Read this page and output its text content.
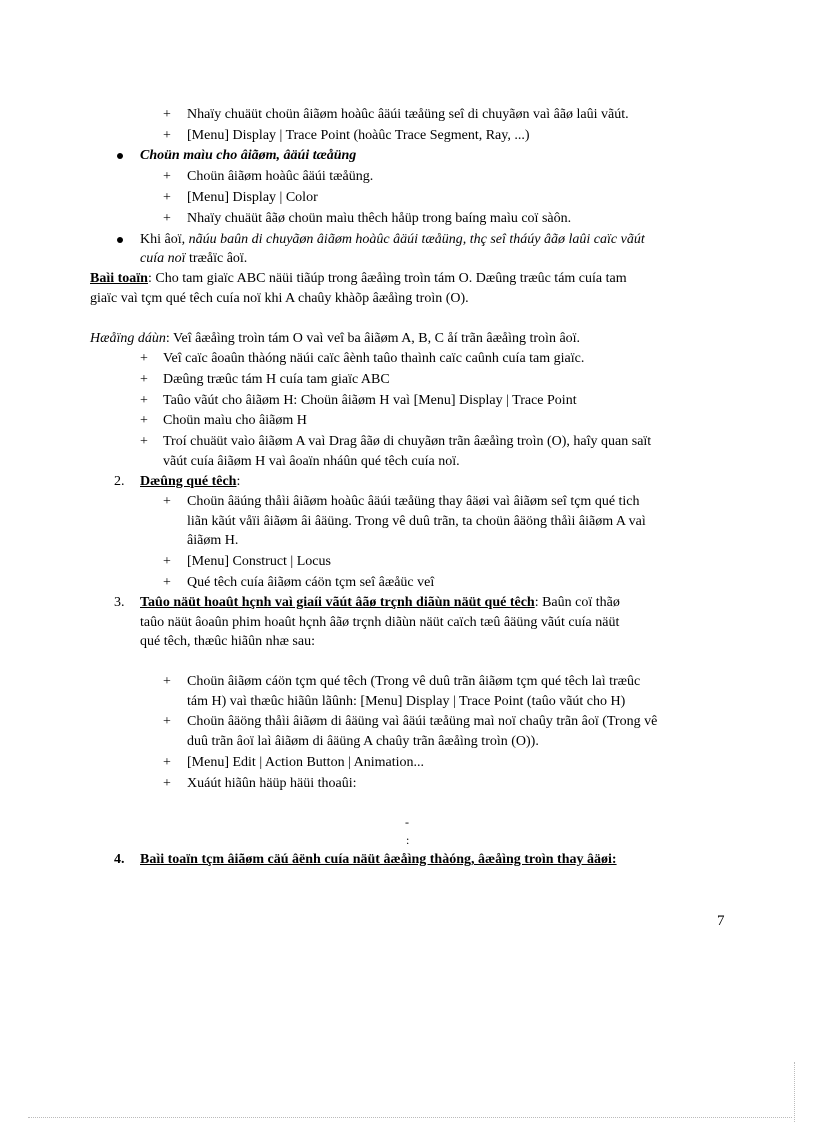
+ Nhaïy chuäüt choün âiãøm hoàûc âäúi tæåüng seî di chuyãøn vaì âãø laûi vãút.
+ [Menu] Display | Trace Point (hoàûc Trace Segment, Ray, ...)
Choün maìu cho âiãøm, âäúi tæåüng
+ Choün âiãøm hoàûc âäúi tæåüng.
+ [Menu] Display | Color
+ Nhaïy chuäüt âãø choün maìu thêch håüp trong baíng maìu coï sàôn.
Khi âoï, nãúu baûn di chuyãøn âiãøm hoàûc âäúi tæåüng, thç seî tháúy âãø laûi caïc vãút
cuía noï træåïc âoï.
Baìi toaïn: Cho tam giaïc ABC näüi tiãúp trong âæåìng troìn tám O. Dæûng træûc tám cuía tam
giaïc vaì tçm qué têch cuía noï khi A chaûy khàõp âæåìng troìn (O).
Hæåïng dáùn: Veî âæåìng troìn tám O vaì veî ba âiãøm A, B, C åí trãn âæåìng troìn âoï.
+ Veî caïc âoaûn thàóng näúi caïc âènh taûo thaình caïc caûnh cuía tam giaïc.
+ Dæûng træûc tám H cuía tam giaïc ABC
+ Taûo vãút cho âiãøm H: Choün âiãøm H vaì [Menu] Display | Trace Point
+ Choün maìu cho âiãøm H
+ Troí chuäüt vaìo âiãøm A vaì Drag âãø di chuyãøn trãn âæåìng troìn (O), haîy quan saït
vãút cuía âiãøm H vaì âoaïn nháûn qué têch cuía noï.
2. Dæûng qué têch:
+ Choün âäúng thåìi âiãøm hoàûc âäúi tæåüng thay âäøi vaì âiãøm seî tçm qué tich
liãn kãút våïi âiãøm âi âäüng. Trong vê duû trãn, ta choün âäöng thåìi âiãøm A vaì
âiãøm H.
+ [Menu] Construct | Locus
+ Qué têch cuía âiãøm cáön tçm seî âæåüc veî
3. Taûo näüt hoaût hçnh vaì giaíi vãút âãø trçnh diãùn näüt qué têch: Baûn coï thãø
taûo näüt âoaûn phim hoaût hçnh âãø trçnh diãùn näüt caïch tæû âäüng vãút cuía näüt
qué têch, thæûc hiãûn nhæ sau:
+ Choün âiãøm cáön tçm qué têch (Trong vê duû trãn âiãøm tçm qué têch laì træûc
tám H) vaì thæûc hiãûn lãûnh: [Menu] Display | Trace Point (taûo vãút cho H)
+ Choün âäöng thåìi âiãøm di âäüng vaì âäúi tæåüng maì noï chaûy trãn âoï (Trong vê
duû trãn âoï laì âiãøm di âäüng A chaûy trãn âæåìng troìn (O)).
+ [Menu] Edit | Action Button | Animation...
+ Xuáút hiãûn häüp häüi thoaûi:
-
:
4. Baìi toaïn tçm âiãøm cäú âënh cuía näüt âæåìng thàóng, âæåìng troìn thay âäøi:
7
